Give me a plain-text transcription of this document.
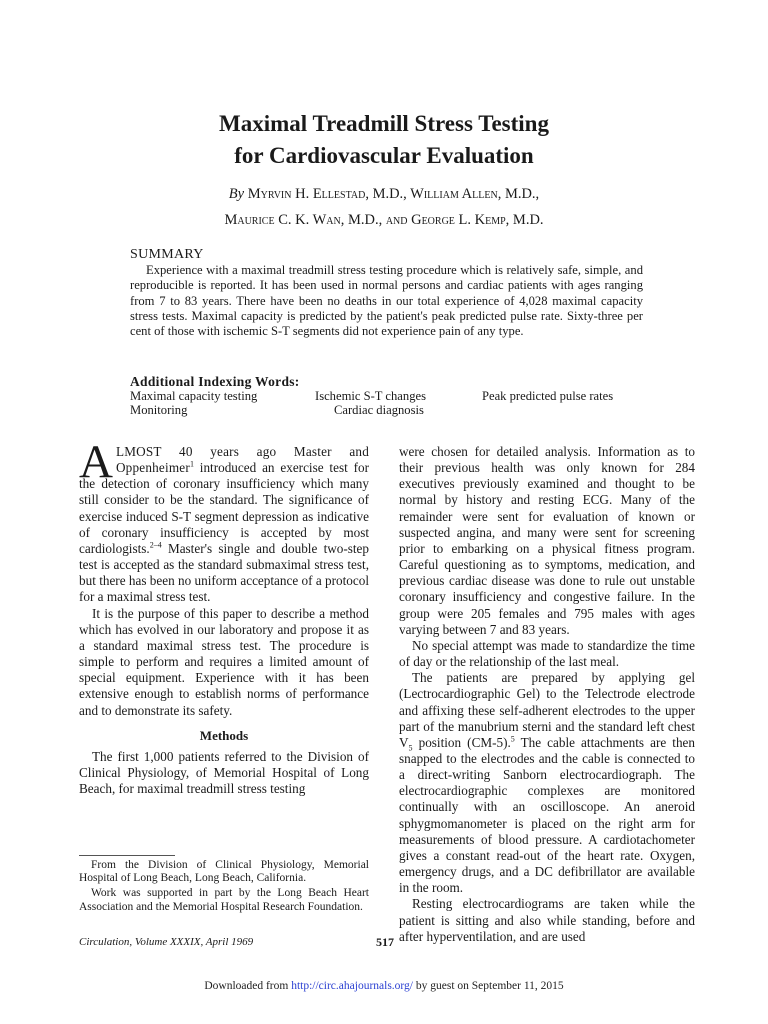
Maximal Treadmill Stress Testing
for Cardiovascular Evaluation
By Myrvin H. Ellestad, M.D., William Allen, M.D.,
Maurice C. K. Wan, M.D., and George L. Kemp, M.D.
SUMMARY

Experience with a maximal treadmill stress testing procedure which is relatively safe, simple, and reproducible is reported. It has been used in normal persons and cardiac patients with ages ranging from 7 to 83 years. There have been no deaths in our total experience of 4,028 maximal capacity stress tests. Maximal capacity is predicted by the patient's peak predicted pulse rate. Sixty-three per cent of those with ischemic S-T segments did not experience pain of any type.

Additional Indexing Words:
Maximal capacity testing	Ischemic S-T changes	Peak predicted pulse rates
Monitoring	Cardiac diagnosis

ALMOST 40 years ago Master and Oppenheimer$^1$ introduced an exercise test for the detection of coronary insufficiency which many still consider to be the standard. The significance of exercise induced S-T segment depression as indicative of coronary insufficiency is accepted by most cardiologists.$^{2-4}$ Master's single and double two-step test is accepted as the standard submaximal stress test, but there has been no uniform acceptance of a protocol for a maximal stress test.

It is the purpose of this paper to describe a method which has evolved in our laboratory and propose it as a standard maximal stress test. The procedure is simple to perform and requires a limited amount of special equipment. Experience with it has been extensive enough to establish norms of performance and to demonstrate its safety.

Methods

The first 1,000 patients referred to the Division of Clinical Physiology, of Memorial Hospital of Long Beach, for maximal treadmill stress testing

From the Division of Clinical Physiology, Memorial Hospital of Long Beach, Long Beach, California.

Work was supported in part by the Long Beach Heart Association and the Memorial Hospital Research Foundation.

were chosen for detailed analysis. Information as to their previous health was only known for 284 executives previously examined and thought to be normal by history and resting ECG. Many of the remainder were sent for evaluation of known or suspected angina, and many were sent for screening prior to embarking on a physical fitness program. Careful questioning as to symptoms, medication, and previous cardiac disease was done to rule out unstable coronary insufficiency and congestive failure. In the group were 205 females and 795 males with ages varying between 7 and 83 years.

No special attempt was made to standardize the time of day or the relationship of the last meal.

The patients are prepared by applying gel (Lectrocardiographic Gel) to the Telectrode electrode and affixing these self-adherent electrodes to the upper part of the manubrium sterni and the standard left chest $V_5$ position (CM-5).$^5$ The cable attachments are then snapped to the electrodes and the cable is connected to a direct-writing Sanborn electrocardiograph. The electrocardiographic complexes are monitored continually with an oscilloscope. An aneroid sphygmomanometer is placed on the right arm for measurements of blood pressure. A cardiotachometer gives a constant read-out of the heart rate. Oxygen, emergency drugs, and a DC defibrillator are available in the room.

Resting electrocardiograms are taken while the patient is sitting and also while standing, before and after hyperventilation, and are used

Circulation, Volume XXXIX, April 1969	517
Downloaded from http://circ.ahajournals.org/ by guest on September 11, 2015
